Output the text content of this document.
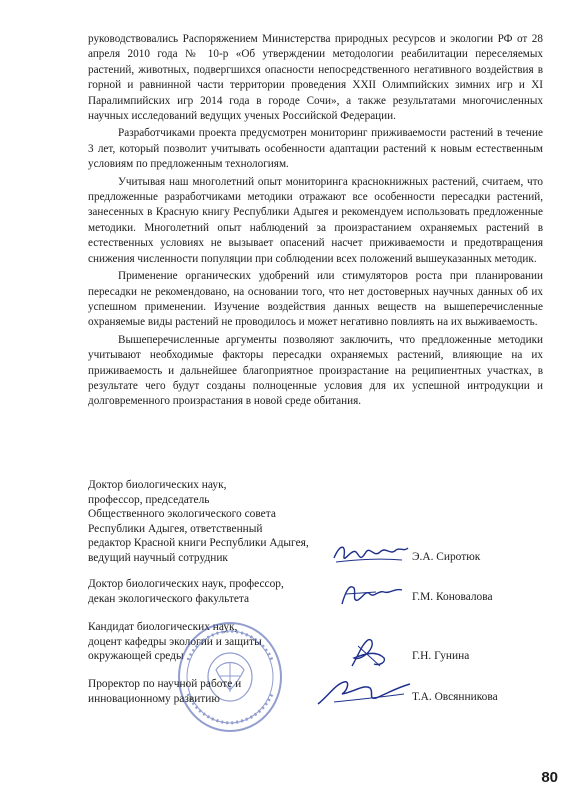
руководствовались Распоряжением Министерства природных ресурсов и экологии РФ от 28 апреля 2010 года № 10-р «Об утверждении методологии реабилитации переселяемых растений, животных, подвергшихся опасности непосредственного негативного воздействия в горной и равнинной части территории проведения XXII Олимпийских зимних игр и XI Паралимпийских игр 2014 года в городе Сочи», а также результатами многочисленных научных исследований ведущих ученых Российской Федерации.

Разработчиками проекта предусмотрен мониторинг приживаемости растений в течение 3 лет, который позволит учитывать особенности адаптации растений к новым естественным условиям по предложенным технологиям.

Учитывая наш многолетний опыт мониторинга краснокнижных растений, считаем, что предложенные разработчиками методики отражают все особенности пересадки растений, занесенных в Красную книгу Республики Адыгея и рекомендуем использовать предложенные методики. Многолетний опыт наблюдений за произрастанием охраняемых растений в естественных условиях не вызывает опасений насчет приживаемости и предотвращения снижения численности популяции при соблюдении всех положений вышеуказанных методик.

Применение органических удобрений или стимуляторов роста при планировании пересадки не рекомендовано, на основании того, что нет достоверных научных данных об их успешном применении. Изучение воздействия данных веществ на вышеперечисленные охраняемые виды растений не проводилось и может негативно повлиять на их выживаемость.

Вышеперечисленные аргументы позволяют заключить, что предложенные методики учитывают необходимые факторы пересадки охраняемых растений, влияющие на их приживаемость и дальнейшее благоприятное произрастание на реципиентных участках, в результате чего будут созданы полноценные условия для их успешной интродукции и долговременного произрастания в новой среде обитания.

Доктор биологических наук,
профессор, председатель
Общественного экологического совета
Республики Адыгея, ответственный
редактор Красной книги Республики Адыгея,
ведущий научный сотрудник	Э.А. Сиротюк
Доктор биологических наук, профессор,
декан экологического факультета	Г.М. Коновалова
Кандидат биологических наук,
доцент кафедры экологии и защиты
окружающей среды	Г.Н. Гунина
Проректор по научной работе и
инновационному развитию	Т.А. Овсянникова
80
